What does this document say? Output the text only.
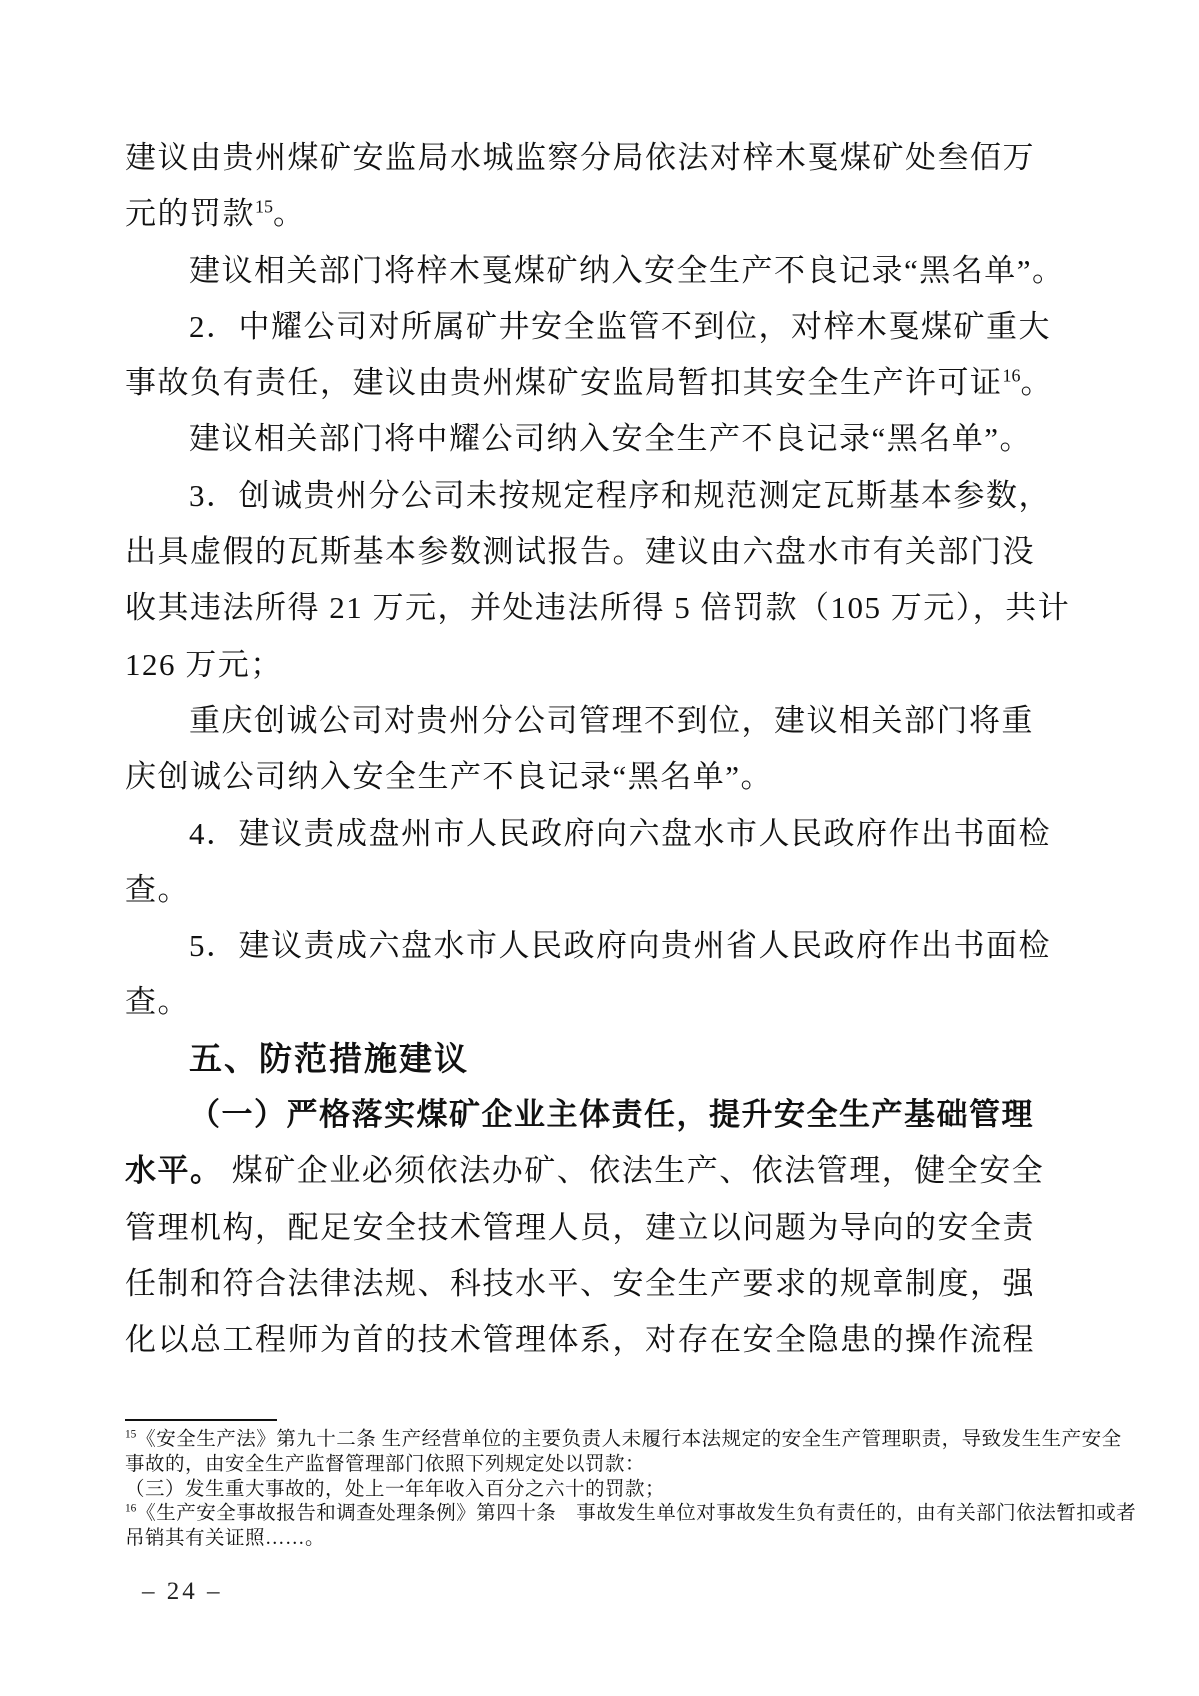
建议由贵州煤矿安监局水城监察分局依法对梓木戛煤矿处叁佰万
元的罚款$^{15}$。
建议相关部门将梓木戛煤矿纳入安全生产不良记录“黑名单”。
2．中耀公司对所属矿井安全监管不到位，对梓木戛煤矿重大
事故负有责任，建议由贵州煤矿安监局暂扣其安全生产许可证$^{16}$。
建议相关部门将中耀公司纳入安全生产不良记录“黑名单”。
3．创诚贵州分公司未按规定程序和规范测定瓦斯基本参数，
出具虚假的瓦斯基本参数测试报告。建议由六盘水市有关部门没
收其违法所得 21 万元，并处违法所得 5 倍罚款（105 万元），共计
126 万元；
重庆创诚公司对贵州分公司管理不到位，建议相关部门将重
庆创诚公司纳入安全生产不良记录“黑名单”。
4．建议责成盘州市人民政府向六盘水市人民政府作出书面检
查。
5．建议责成六盘水市人民政府向贵州省人民政府作出书面检
查。
五、防范措施建议
（一）严格落实煤矿企业主体责任，提升安全生产基础管理
水平。 煤矿企业必须依法办矿、依法生产、依法管理，健全安全
管理机构，配足安全技术管理人员，建立以问题为导向的安全责
任制和符合法律法规、科技水平、安全生产要求的规章制度，强
化以总工程师为首的技术管理体系，对存在安全隐患的操作流程
$^{15}$《安全生产法》第九十二条 生产经营单位的主要负责人未履行本法规定的安全生产管理职责，导致发生生产安全
事故的，由安全生产监督管理部门依照下列规定处以罚款：
（三）发生重大事故的，处上一年年收入百分之六十的罚款；
$^{16}$《生产安全事故报告和调查处理条例》第四十条　事故发生单位对事故发生负有责任的，由有关部门依法暂扣或者
吊销其有关证照……。
– 24 –
